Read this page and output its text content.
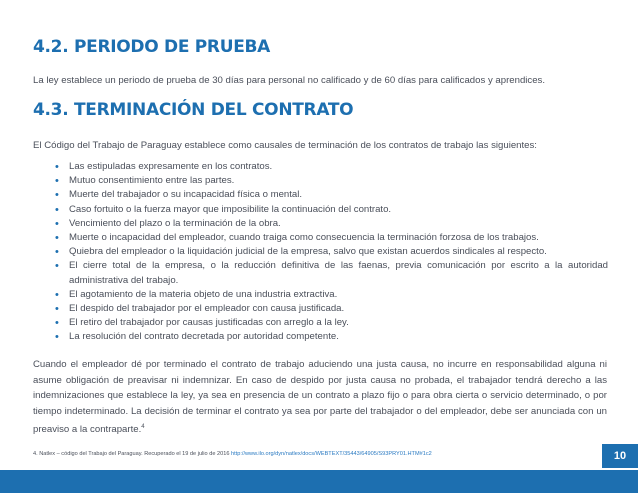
4.2. PERIODO DE PRUEBA

La ley establece un periodo de prueba de 30 días para personal no calificado y de 60 días para calificados y aprendices.

4.3. TERMINACIÓN DEL CONTRATO

El Código del Trabajo de Paraguay establece como causales de terminación de los contratos de trabajo las siguientes:

• Las estipuladas expresamente en los contratos.
• Mutuo consentimiento entre las partes.
• Muerte del trabajador o su incapacidad física o mental.
• Caso fortuito o la fuerza mayor que imposibilite la continuación del contrato.
• Vencimiento del plazo o la terminación de la obra.
• Muerte o incapacidad del empleador, cuando traiga como consecuencia la terminación forzosa de los trabajos.
• Quiebra del empleador o la liquidación judicial de la empresa, salvo que existan acuerdos sindicales al respecto.
• El cierre total de la empresa, o la reducción definitiva de las faenas, previa comunicación por escrito a la autoridad administrativa del trabajo.
• El agotamiento de la materia objeto de una industria extractiva.
• El despido del trabajador por el empleador con causa justificada.
• El retiro del trabajador por causas justificadas con arreglo a la ley.
• La resolución del contrato decretada por autoridad competente.

Cuando el empleador dé por terminado el contrato de trabajo aduciendo una justa causa, no incurre en responsabilidad alguna ni asume obligación de preavisar ni indemnizar. En caso de despido por justa causa no probada, el trabajador tendrá derecho a las indemnizaciones que establece la ley, ya sea en presencia de un contrato a plazo fijo o para obra cierta o servicio determinado, o por tiempo indeterminado. La decisión de terminar el contrato ya sea por parte del trabajador o del empleador, debe ser anunciada con un preaviso a la contraparte.$^4$

4. Natlex – código del Trabajo del Paraguay. Recuperado el 19 de julio de 2016 http://www.ilo.org/dyn/natlex/docs/WEBTEXT/35443/64905/S93PRY01.HTM#1c2	10
